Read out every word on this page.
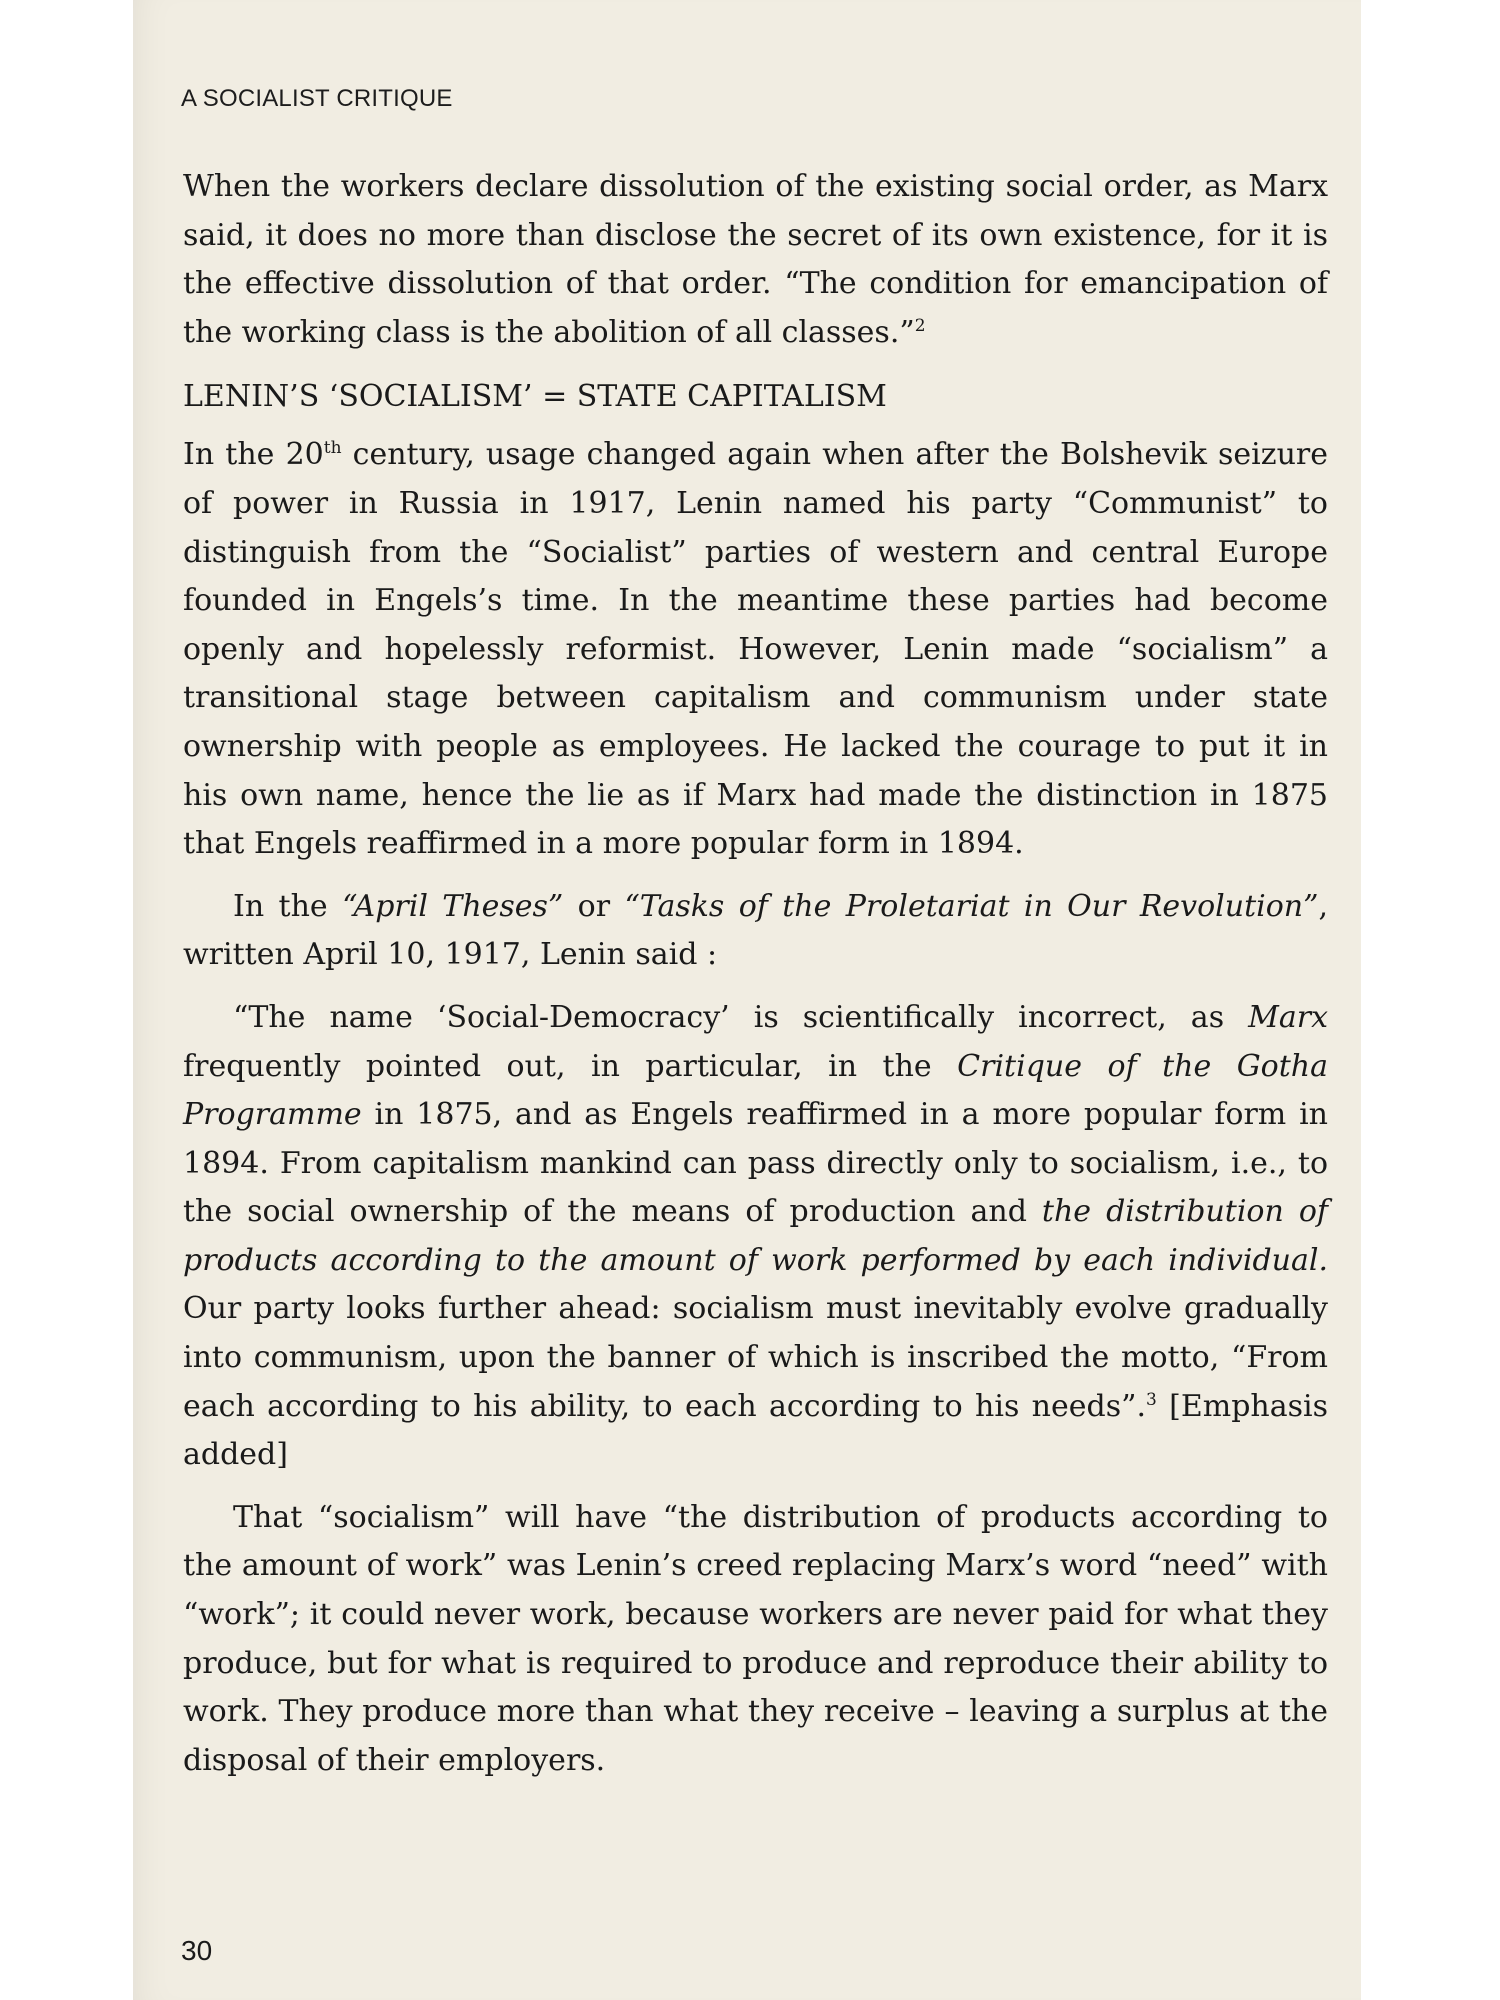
A SOCIALIST CRITIQUE

When the workers declare dissolution of the existing social order, as Marx said, it does no more than disclose the secret of its own existence, for it is the effective dissolution of that order. “The condition for emancipation of the working class is the abolition of all classes.”$^2$

LENIN’S ‘SOCIALISM’ = STATE CAPITALISM

In the 20th century, usage changed again when after the Bolshevik seizure of power in Russia in 1917, Lenin named his party “Communist” to distinguish from the “Socialist” parties of western and central Europe founded in Engels’s time. In the meantime these parties had become openly and hopelessly reformist. However, Lenin made “socialism” a transitional stage between capitalism and communism under state ownership with people as employees. He lacked the courage to put it in his own name, hence the lie as if Marx had made the distinction in 1875 that Engels reaffirmed in a more popular form in 1894.

In the “April Theses” or “Tasks of the Proletariat in Our Revolution”, written April 10, 1917, Lenin said :

“The name ‘Social-Democracy’ is scientifically incorrect, as Marx frequently pointed out, in particular, in the Critique of the Gotha Programme in 1875, and as Engels reaffirmed in a more popular form in 1894. From capitalism mankind can pass directly only to socialism, i.e., to the social ownership of the means of production and the distribution of products according to the amount of work performed by each individual. Our party looks further ahead: socialism must inevitably evolve gradually into communism, upon the banner of which is inscribed the motto, “From each according to his ability, to each according to his needs”.$^3$ [Emphasis added]

That “socialism” will have “the distribution of products according to the amount of work” was Lenin’s creed replacing Marx’s word “need” with “work”; it could never work, because workers are never paid for what they produce, but for what is required to produce and reproduce their ability to work. They produce more than what they receive – leaving a surplus at the disposal of their employers.

30
